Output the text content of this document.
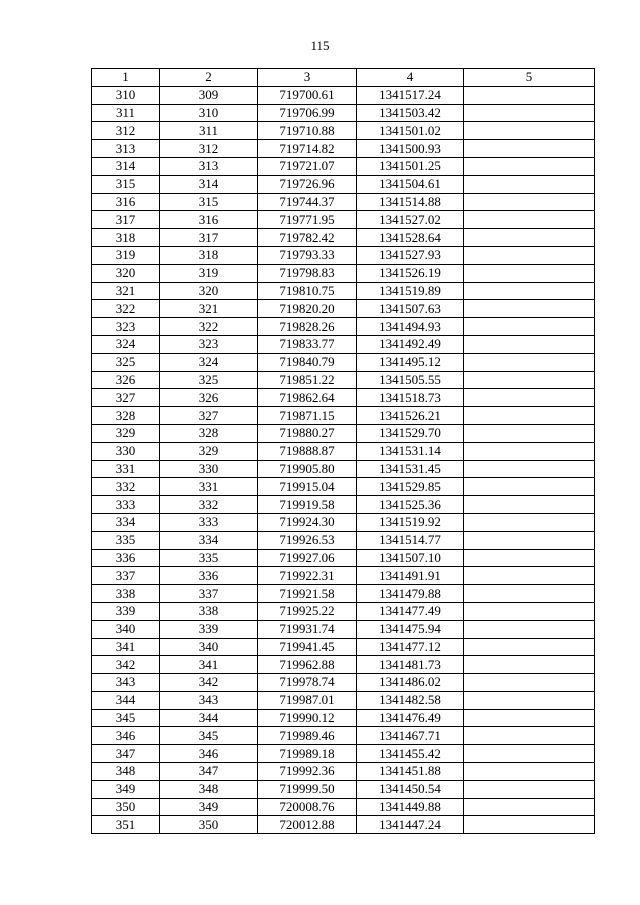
115
1	2	3	4	5
310	309	719700.61	1341517.24	
311	310	719706.99	1341503.42	
312	311	719710.88	1341501.02	
313	312	719714.82	1341500.93	
314	313	719721.07	1341501.25	
315	314	719726.96	1341504.61	
316	315	719744.37	1341514.88	
317	316	719771.95	1341527.02	
318	317	719782.42	1341528.64	
319	318	719793.33	1341527.93	
320	319	719798.83	1341526.19	
321	320	719810.75	1341519.89	
322	321	719820.20	1341507.63	
323	322	719828.26	1341494.93	
324	323	719833.77	1341492.49	
325	324	719840.79	1341495.12	
326	325	719851.22	1341505.55	
327	326	719862.64	1341518.73	
328	327	719871.15	1341526.21	
329	328	719880.27	1341529.70	
330	329	719888.87	1341531.14	
331	330	719905.80	1341531.45	
332	331	719915.04	1341529.85	
333	332	719919.58	1341525.36	
334	333	719924.30	1341519.92	
335	334	719926.53	1341514.77	
336	335	719927.06	1341507.10	
337	336	719922.31	1341491.91	
338	337	719921.58	1341479.88	
339	338	719925.22	1341477.49	
340	339	719931.74	1341475.94	
341	340	719941.45	1341477.12	
342	341	719962.88	1341481.73	
343	342	719978.74	1341486.02	
344	343	719987.01	1341482.58	
345	344	719990.12	1341476.49	
346	345	719989.46	1341467.71	
347	346	719989.18	1341455.42	
348	347	719992.36	1341451.88	
349	348	719999.50	1341450.54	
350	349	720008.76	1341449.88	
351	350	720012.88	1341447.24	
